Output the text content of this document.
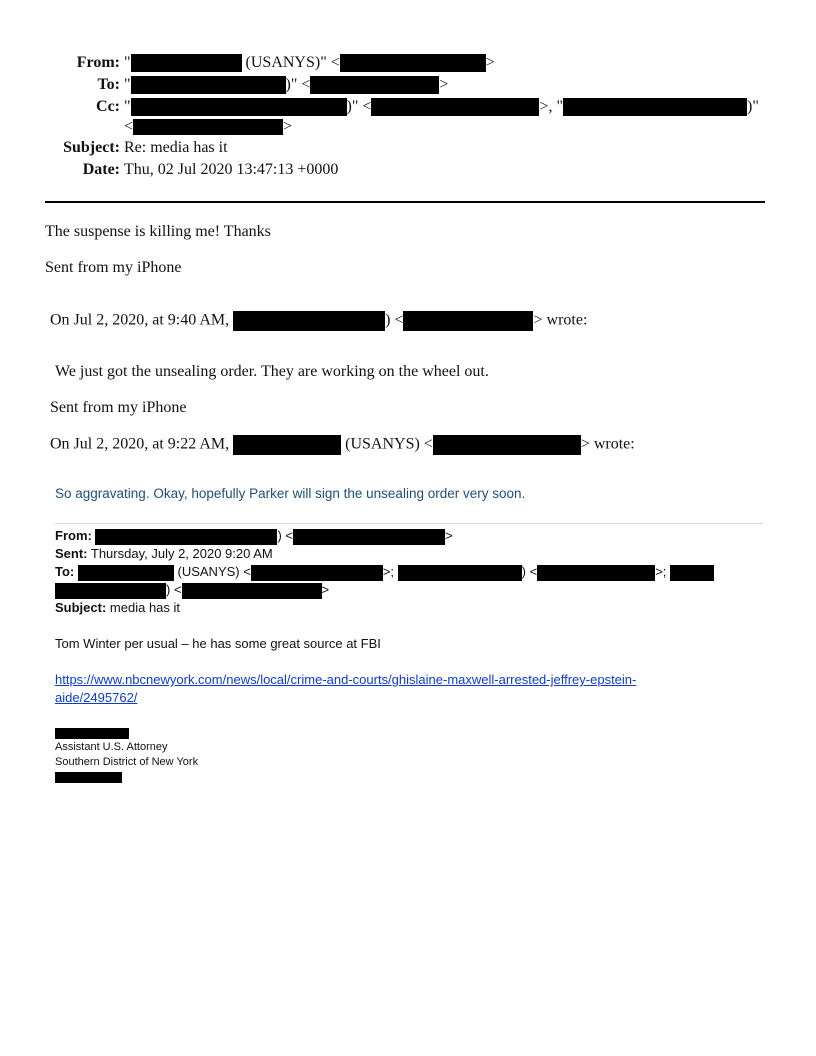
From: "	(USANYS)" <	>
To: "	)" <	>
Cc: "	)" <	>, "	)"
<	>
Subject: Re: media has it
Date: Thu, 02 Jul 2020 13:47:13 +0000
The suspense is killing me! Thanks
Sent from my iPhone
On Jul 2, 2020, at 9:40 AM,	) <	> wrote:
We just got the unsealing order. They are working on the wheel out.
Sent from my iPhone
On Jul 2, 2020, at 9:22 AM,	(USANYS) <	> wrote:
So aggravating. Okay, hopefully Parker will sign the unsealing order very soon.
From:	) <	>
Sent: Thursday, July 2, 2020 9:20 AM
To:	(USANYS) <	>;	) <	>;
) <	>
Subject: media has it
Tom Winter per usual – he has some great source at FBI
https://www.nbcnewyork.com/news/local/crime-and-courts/ghislaine-maxwell-arrested-jeffrey-epstein-
aide/2495762/
Assistant U.S. Attorney
Southern District of New York
